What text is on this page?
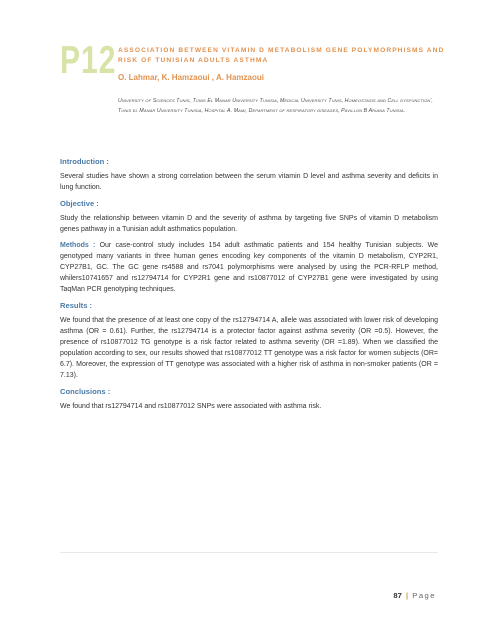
P12 ASSOCIATION BETWEEN VITAMIN D METABOLISM GENE POLYMORPHISMS AND RISK OF TUNISIAN ADULTS ASTHMA
O. Lahmar, K. Hamzaoui , A. Hamzaoui
University of Sciences Tunis, Tunis El Manar University Tunisia, Medical University Tunis, Homeostasis and Cell dysfunction', Tunis el Manar University Tunisia, Hospital A. Mami, Department of respiratory diseases, Pavillon B Ariana Tunisia.

Introduction :

Several studies have shown a strong correlation between the serum vitamin D level and asthma severity and deficits in lung function.

Objective :

Study the relationship between vitamin D and the severity of asthma by targeting five SNPs of vitamin D metabolism genes pathway in a Tunisian adult asthmatics population.

Methods : Our case-control study includes 154 adult asthmatic patients and 154 healthy Tunisian subjects. We genotyped many variants in three human genes encoding key components of the vitamin D metabolism, CYP2R1, CYP27B1, GC. The GC gene rs4588 and rs7041 polymorphisms were analysed by using the PCR-RFLP method, whilers10741657 and rs12794714 for CYP2R1 gene and rs10877012 of CYP27B1 gene were investigated by using TaqMan PCR genotyping techniques.

Results :

We found that the presence of at least one copy of the rs12794714 A, allele was associated with lower risk of developing asthma (OR = 0.61). Further, the rs12794714 is a protector factor against asthma severity (OR =0.5). However, the presence of rs10877012 TG genotype is a risk factor related to asthma severity (OR =1.89). When we classified the population according to sex, our results showed that rs10877012 TT genotype was a risk factor for women subjects (OR= 6.7). Moreover, the expression of TT genotype was associated with a higher risk of asthma in non-smoker patients (OR = 7.13).

Conclusions :

We found that rs12794714 and rs10877012 SNPs were associated with asthma risk.

87 | Page
